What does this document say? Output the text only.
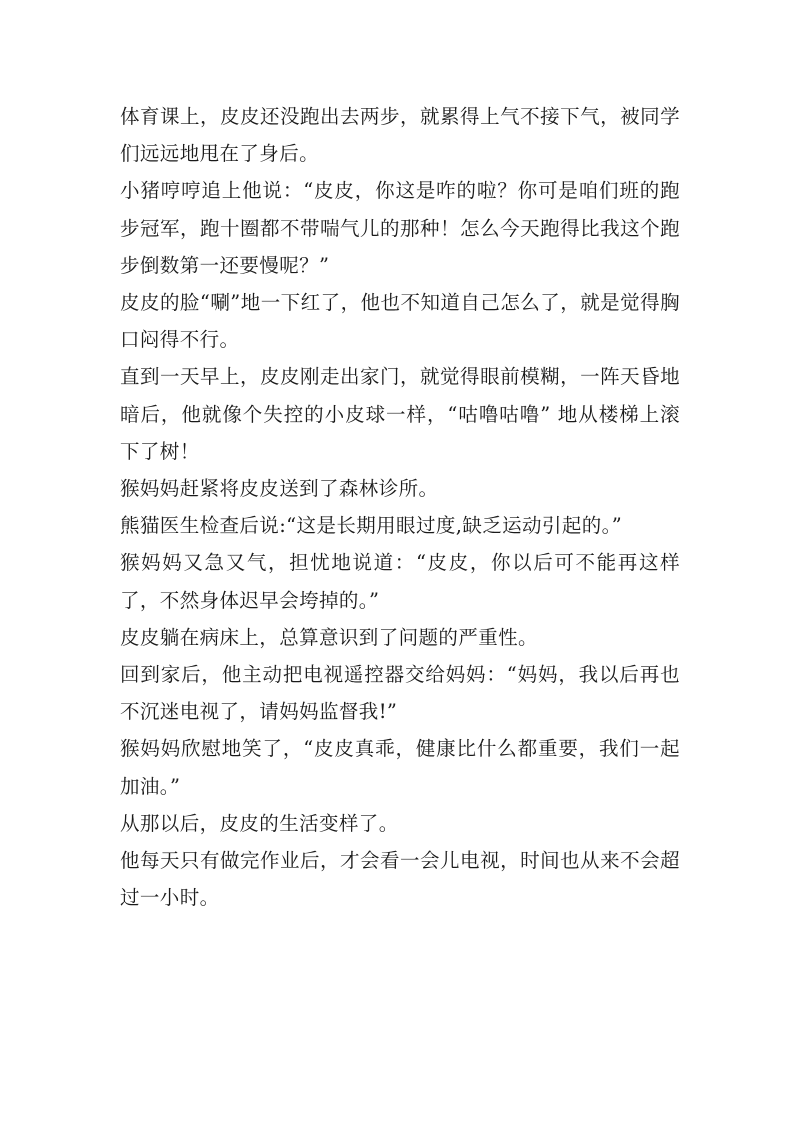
体育课上，皮皮还没跑出去两步，就累得上气不接下气，被同学们远远地甩在了身后。

小猪哼哼追上他说：“皮皮，你这是咋的啦？你可是咱们班的跑步冠军，跑十圈都不带喘气儿的那种！怎么今天跑得比我这个跑步倒数第一还要慢呢？”

皮皮的脸“唰”地一下红了，他也不知道自己怎么了，就是觉得胸口闷得不行。

直到一天早上，皮皮刚走出家门，就觉得眼前模糊，一阵天昏地暗后，他就像个失控的小皮球一样，“咕噜咕噜” 地从楼梯上滚下了树！

猴妈妈赶紧将皮皮送到了森林诊所。

熊猫医生检查后说:“这是长期用眼过度,缺乏运动引起的。”

猴妈妈又急又气，担忧地说道：“皮皮，你以后可不能再这样了，不然身体迟早会垮掉的。”

皮皮躺在病床上，总算意识到了问题的严重性。

回到家后，他主动把电视遥控器交给妈妈：“妈妈，我以后再也不沉迷电视了，请妈妈监督我!”

猴妈妈欣慰地笑了，“皮皮真乖，健康比什么都重要，我们一起加油。”

从那以后，皮皮的生活变样了。

他每天只有做完作业后，才会看一会儿电视，时间也从来不会超过一小时。
